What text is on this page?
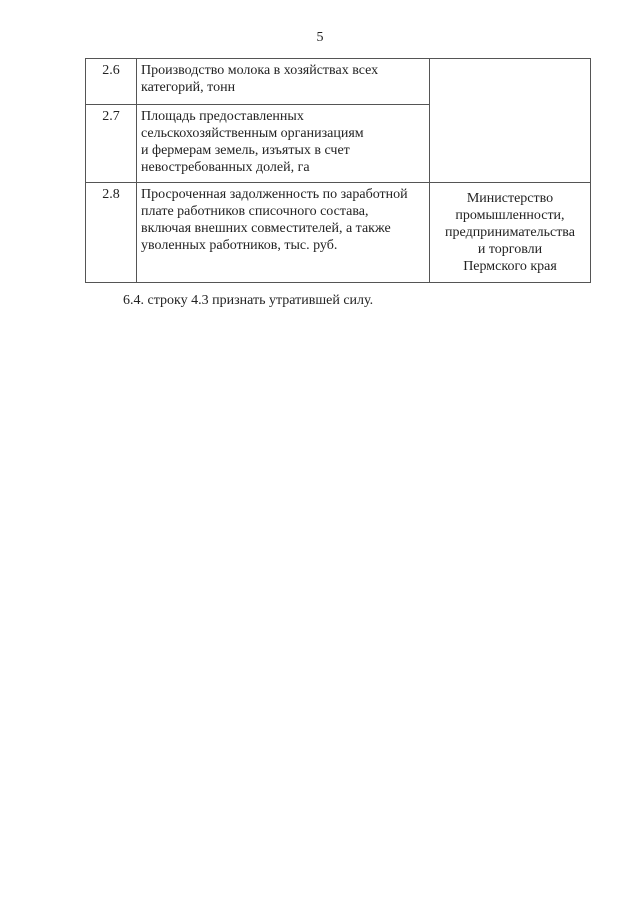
5
2.6	Производство молока в хозяйствах всех
категорий, тонн	

2.7	Площадь предоставленных
сельскохозяйственным организациям
и фермерам земель, изъятых в счет
невостребованных долей, га	

2.8	Просроченная задолженность по заработной
плате работников списочного состава,
включая внешних совместителей, а также
уволенных работников, тыс. руб.	Министерство
промышленности,
предпринимательства
и торговли
Пермского края
6.4. строку 4.3 признать утратившей силу.
